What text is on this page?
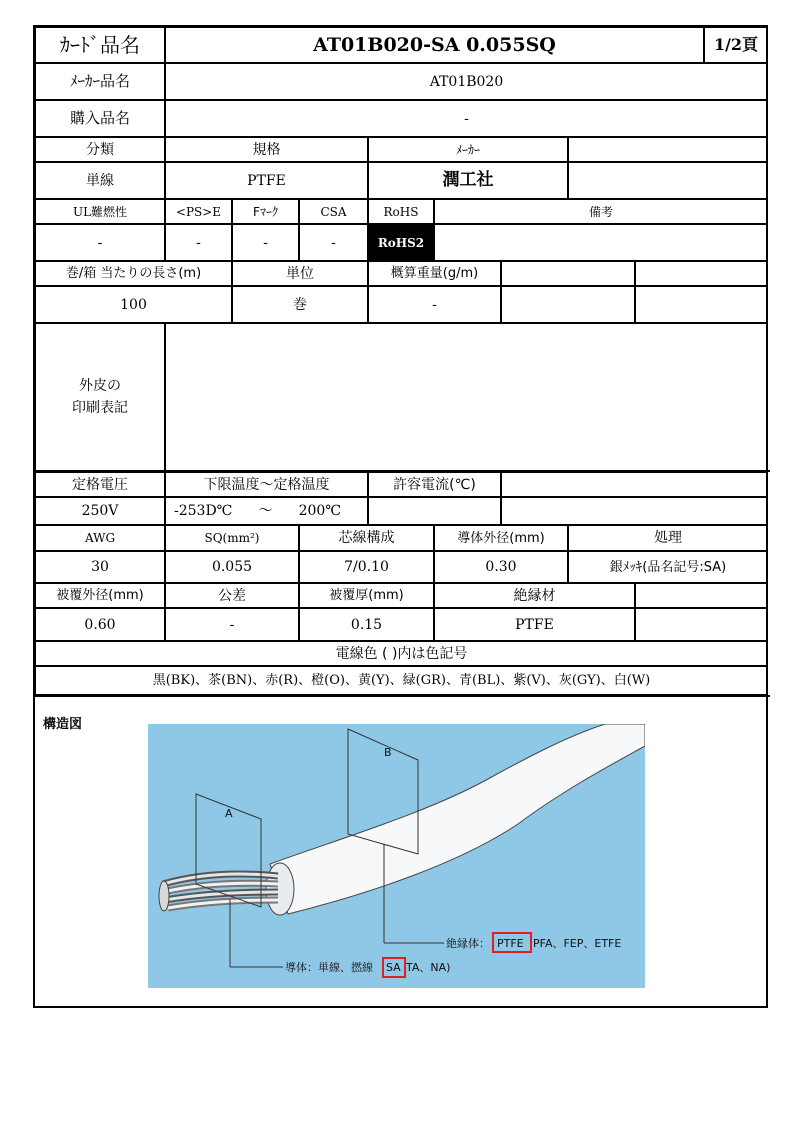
ｶｰﾄﾞ品名	AT01B020-SA 0.055SQ	1/2頁
ﾒｰｶｰ品名	AT01B020
購入品名	-
分類	規格	ﾒｰｶｰ
単線	PTFE	潤工社
UL難燃性	<PS>E	Fﾏｰｸ	CSA	RoHS	備考
-	-	-	-	RoHS2
巻/箱 当たりの長さ(m)	単位	概算重量(g/m)
100	巻	-
外皮の
印刷表記
定格電圧	下限温度～定格温度	許容電流(℃)
250V	-253D℃ ～ 200℃
AWG	SQ(mm²)	芯線構成	導体外径(mm)	処理
30	0.055	7/0.10	0.30	銀ﾒｯｷ(品名記号:SA)
被覆外径(mm)	公差	被覆厚(mm)	絶縁材
0.60	-	0.15	PTFE
電線色 ( )内は色記号
黒(BK)、茶(BN)、赤(R)、橙(O)、黄(Y)、緑(GR)、青(BL)、紫(V)、灰(GY)、白(W)
構造図
A
B
絶縁体： PTFE PFA、FEP、ETFE
導体：単線、撚線 SA TA、NA)
